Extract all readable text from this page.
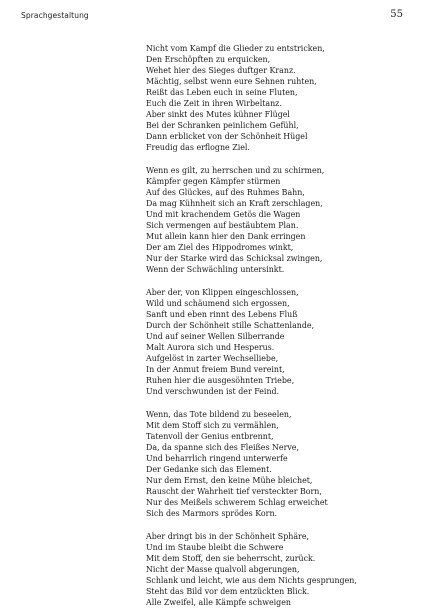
Sprachgestaltung	55
Nicht vom Kampf die Glieder zu entstricken,
Den Erschöpften zu erquicken,
Wehet hier des Sieges duftger Kranz.
Mächtig, selbst wenn eure Sehnen ruhten,
Reißt das Leben euch in seine Fluten,
Euch die Zeit in ihren Wirbeltanz.
Aber sinkt des Mutes kühner Flügel
Bei der Schranken peinlichem Gefühl,
Dann erblicket von der Schönheit Hügel
Freudig das erflogne Ziel.
Wenn es gilt, zu herrschen und zu schirmen,
Kämpfer gegen Kämpfer stürmen
Auf des Glückes, auf des Ruhmes Bahn,
Da mag Kühnheit sich an Kraft zerschlagen,
Und mit krachendem Getös die Wagen
Sich vermengen auf bestäubtem Plan.
Mut allein kann hier den Dank erringen
Der am Ziel des Hippodromes winkt,
Nur der Starke wird das Schicksal zwingen,
Wenn der Schwächling untersinkt.
Aber der, von Klippen eingeschlossen,
Wild und schäumend sich ergossen,
Sanft und eben rinnt des Lebens Fluß
Durch der Schönheit stille Schattenlande,
Und auf seiner Wellen Silberrande
Malt Aurora sich und Hesperus.
Aufgelöst in zarter Wechselliebe,
In der Anmut freiem Bund vereint,
Ruhen hier die ausgesöhnten Triebe,
Und verschwunden ist der Feind.
Wenn, das Tote bildend zu beseelen,
Mit dem Stoff sich zu vermählen,
Tatenvoll der Genius entbrennt,
Da, da spanne sich des Fleißes Nerve,
Und beharrlich ringend unterwerfe
Der Gedanke sich das Element.
Nur dem Ernst, den keine Mühe bleichet,
Rauscht der Wahrheit tief versteckter Born,
Nur des Meißels schwerem Schlag erweichet
Sich des Marmors sprödes Korn.
Aber dringt bis in der Schönheit Sphäre,
Und im Staube bleibt die Schwere
Mit dem Stoff, den sie beherrscht, zurück.
Nicht der Masse qualvoll abgerungen,
Schlank und leicht, wie aus dem Nichts gesprungen,
Steht das Bild vor dem entzückten Blick.
Alle Zweifel, alle Kämpfe schweigen
